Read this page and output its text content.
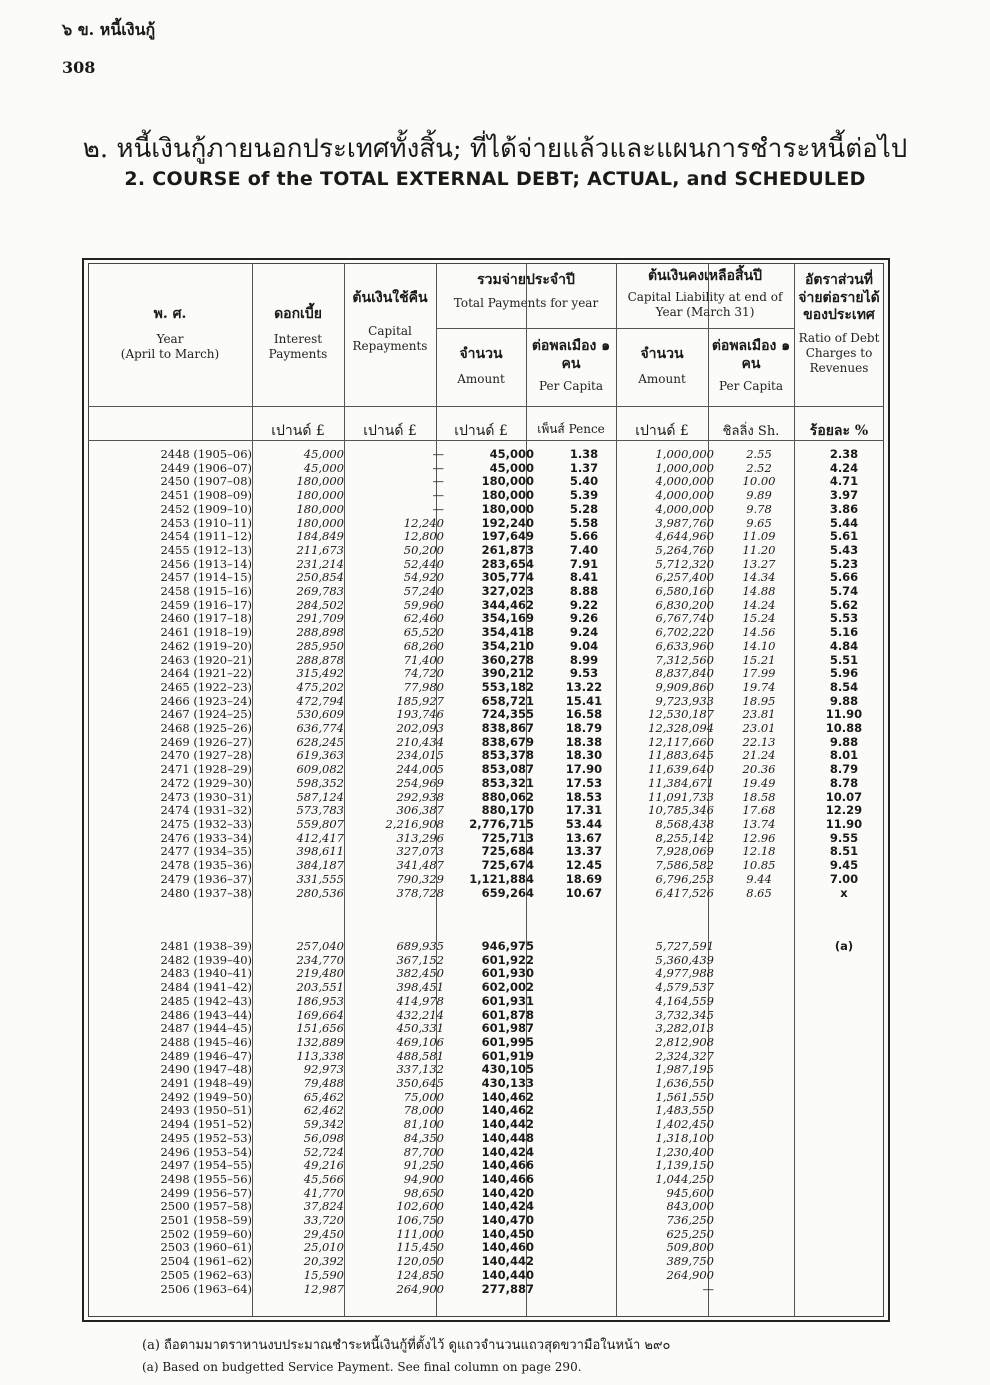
๖ ข. หนี้เงินกู้
308
๒. หนี้เงินกู้ภายนอกประเทศทั้งสิ้น; ที่ได้จ่ายแล้วและแผนการชำระหนี้ต่อไป
2. COURSE of the TOTAL EXTERNAL DEBT; ACTUAL, and SCHEDULED
พ. ศ.
Year
(April to March)
ดอกเบี้ย
Interest Payments
ต้นเงินใช้คืน
Capital Repayments
รวมจ่ายประจำปี
Total Payments for year
จำนวน
Amount
ต่อพลเมือง ๑ คน
Per Capita
ต้นเงินคงเหลือสิ้นปี
Capital Liability at end of Year (March 31)
จำนวน
Amount
ต่อพลเมือง ๑ คน
Per Capita
อัตราส่วนที่จ่ายต่อรายได้ของประเทศ
Ratio of Debt Charges to Revenues
เปานด์ £	เปานด์ £	เปานด์ £	เพ็นส์ Pence	เปานด์ £	ชิลลิ่ง Sh.	ร้อยละ %
2448 (1905–06)	45,000	—	45,000	1.38	1,000,000	2.55	2.38
2449 (1906–07)	45,000	—	45,000	1.37	1,000,000	2.52	4.24
2450 (1907–08)	180,000	—	180,000	5.40	4,000,000	10.00	4.71
2451 (1908–09)	180,000	—	180,000	5.39	4,000,000	9.89	3.97
2452 (1909–10)	180,000	—	180,000	5.28	4,000,000	9.78	3.86
2453 (1910–11)	180,000	12,240	192,240	5.58	3,987,760	9.65	5.44
2454 (1911–12)	184,849	12,800	197,649	5.66	4,644,960	11.09	5.61
2455 (1912–13)	211,673	50,200	261,873	7.40	5,264,760	11.20	5.43
2456 (1913–14)	231,214	52,440	283,654	7.91	5,712,320	13.27	5.23
2457 (1914–15)	250,854	54,920	305,774	8.41	6,257,400	14.34	5.66
2458 (1915–16)	269,783	57,240	327,023	8.88	6,580,160	14.88	5.74
2459 (1916–17)	284,502	59,960	344,462	9.22	6,830,200	14.24	5.62
2460 (1917–18)	291,709	62,460	354,169	9.26	6,767,740	15.24	5.53
2461 (1918–19)	288,898	65,520	354,418	9.24	6,702,220	14.56	5.16
2462 (1919–20)	285,950	68,260	354,210	9.04	6,633,960	14.10	4.84
2463 (1920–21)	288,878	71,400	360,278	8.99	7,312,560	15.21	5.51
2464 (1921–22)	315,492	74,720	390,212	9.53	8,837,840	17.99	5.96
2465 (1922–23)	475,202	77,980	553,182	13.22	9,909,860	19.74	8.54
2466 (1923–24)	472,794	185,927	658,721	15.41	9,723,933	18.95	9.88
2467 (1924–25)	530,609	193,746	724,355	16.58	12,530,187	23.81	11.90
2468 (1925–26)	636,774	202,093	838,867	18.79	12,328,094	23.01	10.88
2469 (1926–27)	628,245	210,434	838,679	18.38	12,117,660	22.13	9.88
2470 (1927–28)	619,363	234,015	853,378	18.30	11,883,645	21.24	8.01
2471 (1928–29)	609,082	244,005	853,087	17.90	11,639,640	20.36	8.79
2472 (1929–30)	598,352	254,969	853,321	17.53	11,384,671	19.49	8.78
2473 (1930–31)	587,124	292,938	880,062	18.53	11,091,733	18.58	10.07
2474 (1931–32)	573,783	306,387	880,170	17.31	10,785,346	17.68	12.29
2475 (1932–33)	559,807	2,216,908	2,776,715	53.44	8,568,438	13.74	11.90
2476 (1933–34)	412,417	313,296	725,713	13.67	8,255,142	12.96	9.55
2477 (1934–35)	398,611	327,073	725,684	13.37	7,928,069	12.18	8.51
2478 (1935–36)	384,187	341,487	725,674	12.45	7,586,582	10.85	9.45
2479 (1936–37)	331,555	790,329	1,121,884	18.69	6,796,253	9.44	7.00
2480 (1937–38)	280,536	378,728	659,264	10.67	6,417,526	8.65	x
2481 (1938–39)	257,040	689,935	946,975		5,727,591		(a)
2482 (1939–40)	234,770	367,152	601,922		5,360,439		
2483 (1940–41)	219,480	382,450	601,930		4,977,988		
2484 (1941–42)	203,551	398,451	602,002		4,579,537		
2485 (1942–43)	186,953	414,978	601,931		4,164,559		
2486 (1943–44)	169,664	432,214	601,878		3,732,345		
2487 (1944–45)	151,656	450,331	601,987		3,282,013		
2488 (1945–46)	132,889	469,106	601,995		2,812,908		
2489 (1946–47)	113,338	488,581	601,919		2,324,327		
2490 (1947–48)	92,973	337,132	430,105		1,987,195		
2491 (1948–49)	79,488	350,645	430,133		1,636,550		
2492 (1949–50)	65,462	75,000	140,462		1,561,550		
2493 (1950–51)	62,462	78,000	140,462		1,483,550		
2494 (1951–52)	59,342	81,100	140,442		1,402,450		
2495 (1952–53)	56,098	84,350	140,448		1,318,100		
2496 (1953–54)	52,724	87,700	140,424		1,230,400		
2497 (1954–55)	49,216	91,250	140,466		1,139,150		
2498 (1955–56)	45,566	94,900	140,466		1,044,250		
2499 (1956–57)	41,770	98,650	140,420		945,600		
2500 (1957–58)	37,824	102,600	140,424		843,000		
2501 (1958–59)	33,720	106,750	140,470		736,250		
2502 (1959–60)	29,450	111,000	140,450		625,250		
2503 (1960–61)	25,010	115,450	140,460		509,800		
2504 (1961–62)	20,392	120,050	140,442		389,750		
2505 (1962–63)	15,590	124,850	140,440		264,900		
2506 (1963–64)	12,987	264,900	277,887		—		
(a) ถือตามมาตราหานงบประมาณชำระหนี้เงินกู้ที่ตั้งไว้ ดูแถวจำนวนแถวสุดขวามือในหน้า ๒๙๐
(a) Based on budgetted Service Payment. See final column on page 290.
